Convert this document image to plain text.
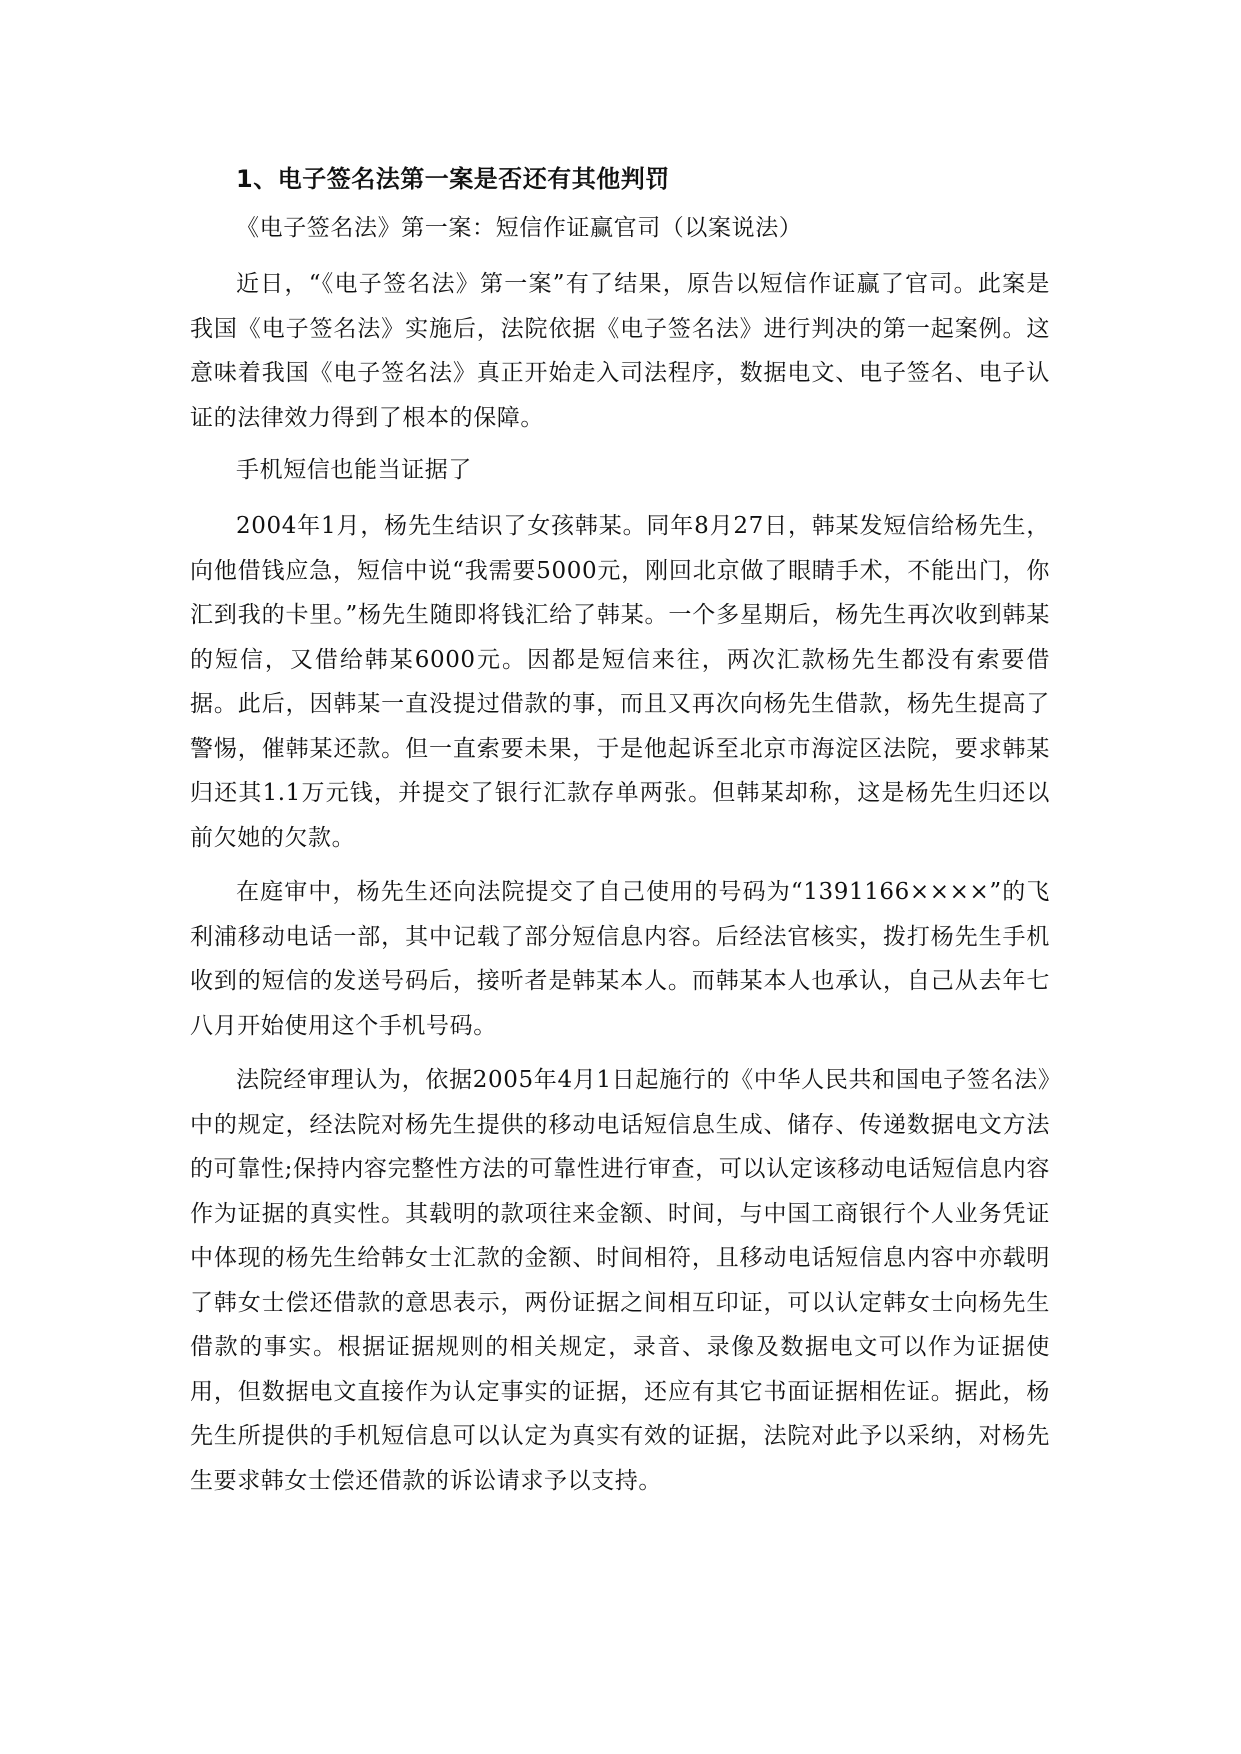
1、电子签名法第一案是否还有其他判罚

《电子签名法》第一案：短信作证赢官司（以案说法）

近日，“《电子签名法》第一案”有了结果，原告以短信作证赢了官司。此案是我国《电子签名法》实施后，法院依据《电子签名法》进行判决的第一起案例。这意味着我国《电子签名法》真正开始走入司法程序，数据电文、电子签名、电子认证的法律效力得到了根本的保障。

手机短信也能当证据了

2004年1月，杨先生结识了女孩韩某。同年8月27日，韩某发短信给杨先生，向他借钱应急，短信中说“我需要5000元，刚回北京做了眼睛手术，不能出门，你汇到我的卡里。”杨先生随即将钱汇给了韩某。一个多星期后，杨先生再次收到韩某的短信，又借给韩某6000元。因都是短信来往，两次汇款杨先生都没有索要借据。此后，因韩某一直没提过借款的事，而且又再次向杨先生借款，杨先生提高了警惕，催韩某还款。但一直索要未果，于是他起诉至北京市海淀区法院，要求韩某归还其1.1万元钱，并提交了银行汇款存单两张。但韩某却称，这是杨先生归还以前欠她的欠款。

在庭审中，杨先生还向法院提交了自己使用的号码为“1391166××××”的飞利浦移动电话一部，其中记载了部分短信息内容。后经法官核实，拨打杨先生手机收到的短信的发送号码后，接听者是韩某本人。而韩某本人也承认，自己从去年七八月开始使用这个手机号码。

法院经审理认为，依据2005年4月1日起施行的《中华人民共和国电子签名法》中的规定，经法院对杨先生提供的移动电话短信息生成、储存、传递数据电文方法的可靠性;保持内容完整性方法的可靠性进行审查，可以认定该移动电话短信息内容作为证据的真实性。其载明的款项往来金额、时间，与中国工商银行个人业务凭证中体现的杨先生给韩女士汇款的金额、时间相符，且移动电话短信息内容中亦载明了韩女士偿还借款的意思表示，两份证据之间相互印证，可以认定韩女士向杨先生借款的事实。根据证据规则的相关规定，录音、录像及数据电文可以作为证据使用，但数据电文直接作为认定事实的证据，还应有其它书面证据相佐证。据此，杨先生所提供的手机短信息可以认定为真实有效的证据，法院对此予以采纳，对杨先生要求韩女士偿还借款的诉讼请求予以支持。
